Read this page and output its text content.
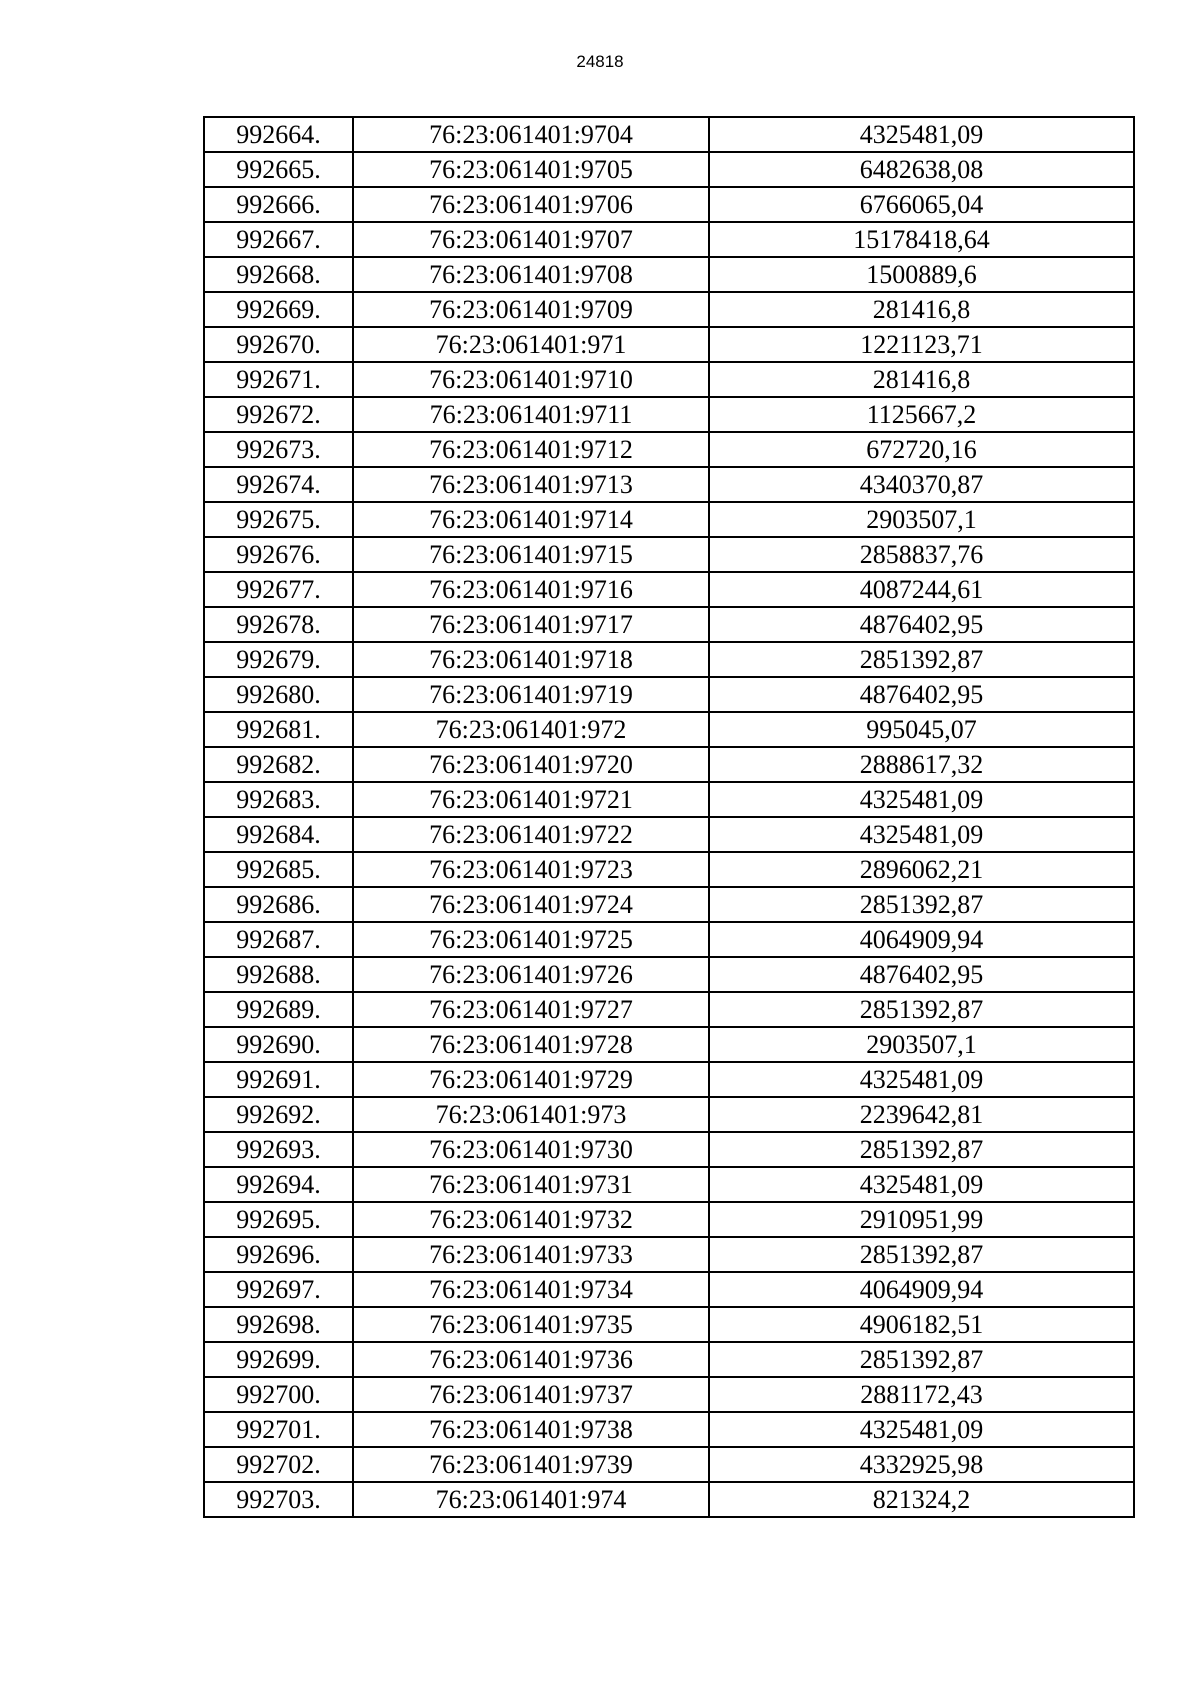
24818
992664.	76:23:061401:9704	4325481,09
992665.	76:23:061401:9705	6482638,08
992666.	76:23:061401:9706	6766065,04
992667.	76:23:061401:9707	15178418,64
992668.	76:23:061401:9708	1500889,6
992669.	76:23:061401:9709	281416,8
992670.	76:23:061401:971	1221123,71
992671.	76:23:061401:9710	281416,8
992672.	76:23:061401:9711	1125667,2
992673.	76:23:061401:9712	672720,16
992674.	76:23:061401:9713	4340370,87
992675.	76:23:061401:9714	2903507,1
992676.	76:23:061401:9715	2858837,76
992677.	76:23:061401:9716	4087244,61
992678.	76:23:061401:9717	4876402,95
992679.	76:23:061401:9718	2851392,87
992680.	76:23:061401:9719	4876402,95
992681.	76:23:061401:972	995045,07
992682.	76:23:061401:9720	2888617,32
992683.	76:23:061401:9721	4325481,09
992684.	76:23:061401:9722	4325481,09
992685.	76:23:061401:9723	2896062,21
992686.	76:23:061401:9724	2851392,87
992687.	76:23:061401:9725	4064909,94
992688.	76:23:061401:9726	4876402,95
992689.	76:23:061401:9727	2851392,87
992690.	76:23:061401:9728	2903507,1
992691.	76:23:061401:9729	4325481,09
992692.	76:23:061401:973	2239642,81
992693.	76:23:061401:9730	2851392,87
992694.	76:23:061401:9731	4325481,09
992695.	76:23:061401:9732	2910951,99
992696.	76:23:061401:9733	2851392,87
992697.	76:23:061401:9734	4064909,94
992698.	76:23:061401:9735	4906182,51
992699.	76:23:061401:9736	2851392,87
992700.	76:23:061401:9737	2881172,43
992701.	76:23:061401:9738	4325481,09
992702.	76:23:061401:9739	4332925,98
992703.	76:23:061401:974	821324,2
